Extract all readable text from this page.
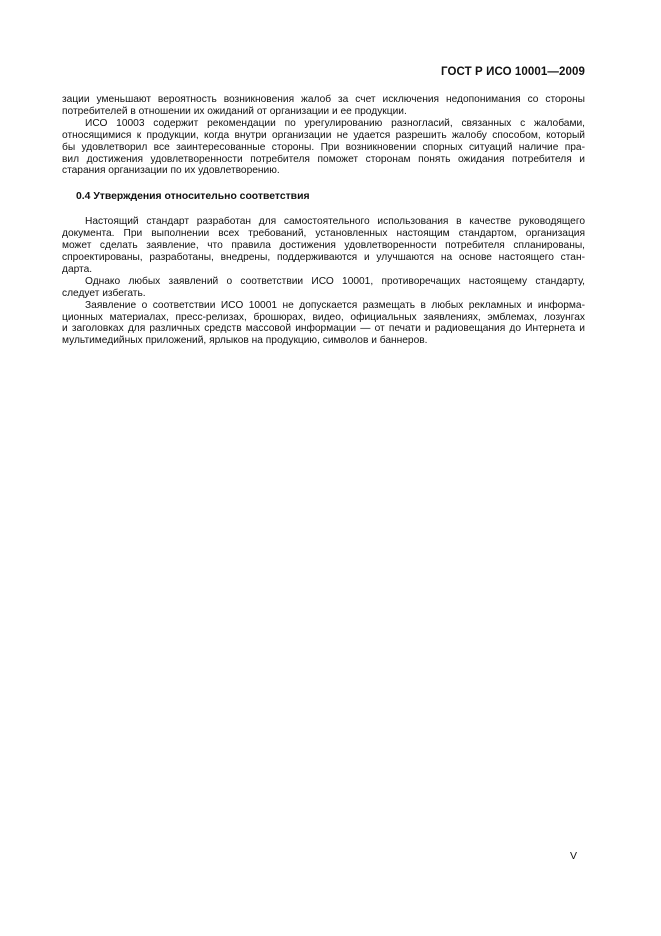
ГОСТ Р ИСО 10001—2009
зации уменьшают вероятность возникновения жалоб за счет исключения недопонимания со стороны
потребителей в отношении их ожиданий от организации и ее продукции.
ИСО 10003 содержит рекомендации по урегулированию разногласий, связанных с жалобами,
относящимися к продукции, когда внутри организации не удается разрешить жалобу способом, который
бы удовлетворил все заинтересованные стороны. При возникновении спорных ситуаций наличие пра-
вил достижения удовлетворенности потребителя поможет сторонам понять ожидания потребителя и
старания организации по их удовлетворению.
0.4 Утверждения относительно соответствия
Настоящий стандарт разработан для самостоятельного использования в качестве руководящего
документа. При выполнении всех требований, установленных настоящим стандартом, организация
может сделать заявление, что правила достижения удовлетворенности потребителя спланированы,
спроектированы, разработаны, внедрены, поддерживаются и улучшаются на основе настоящего стан-
дарта.
Однако любых заявлений о соответствии ИСО 10001, противоречащих настоящему стандарту,
следует избегать.
Заявление о соответствии ИСО 10001 не допускается размещать в любых рекламных и информа-
ционных материалах, пресс-релизах, брошюрах, видео, официальных заявлениях, эмблемах, лозунгах
и заголовках для различных средств массовой информации — от печати и радиовещания до Интернета и
мультимедийных приложений, ярлыков на продукцию, символов и баннеров.
V
